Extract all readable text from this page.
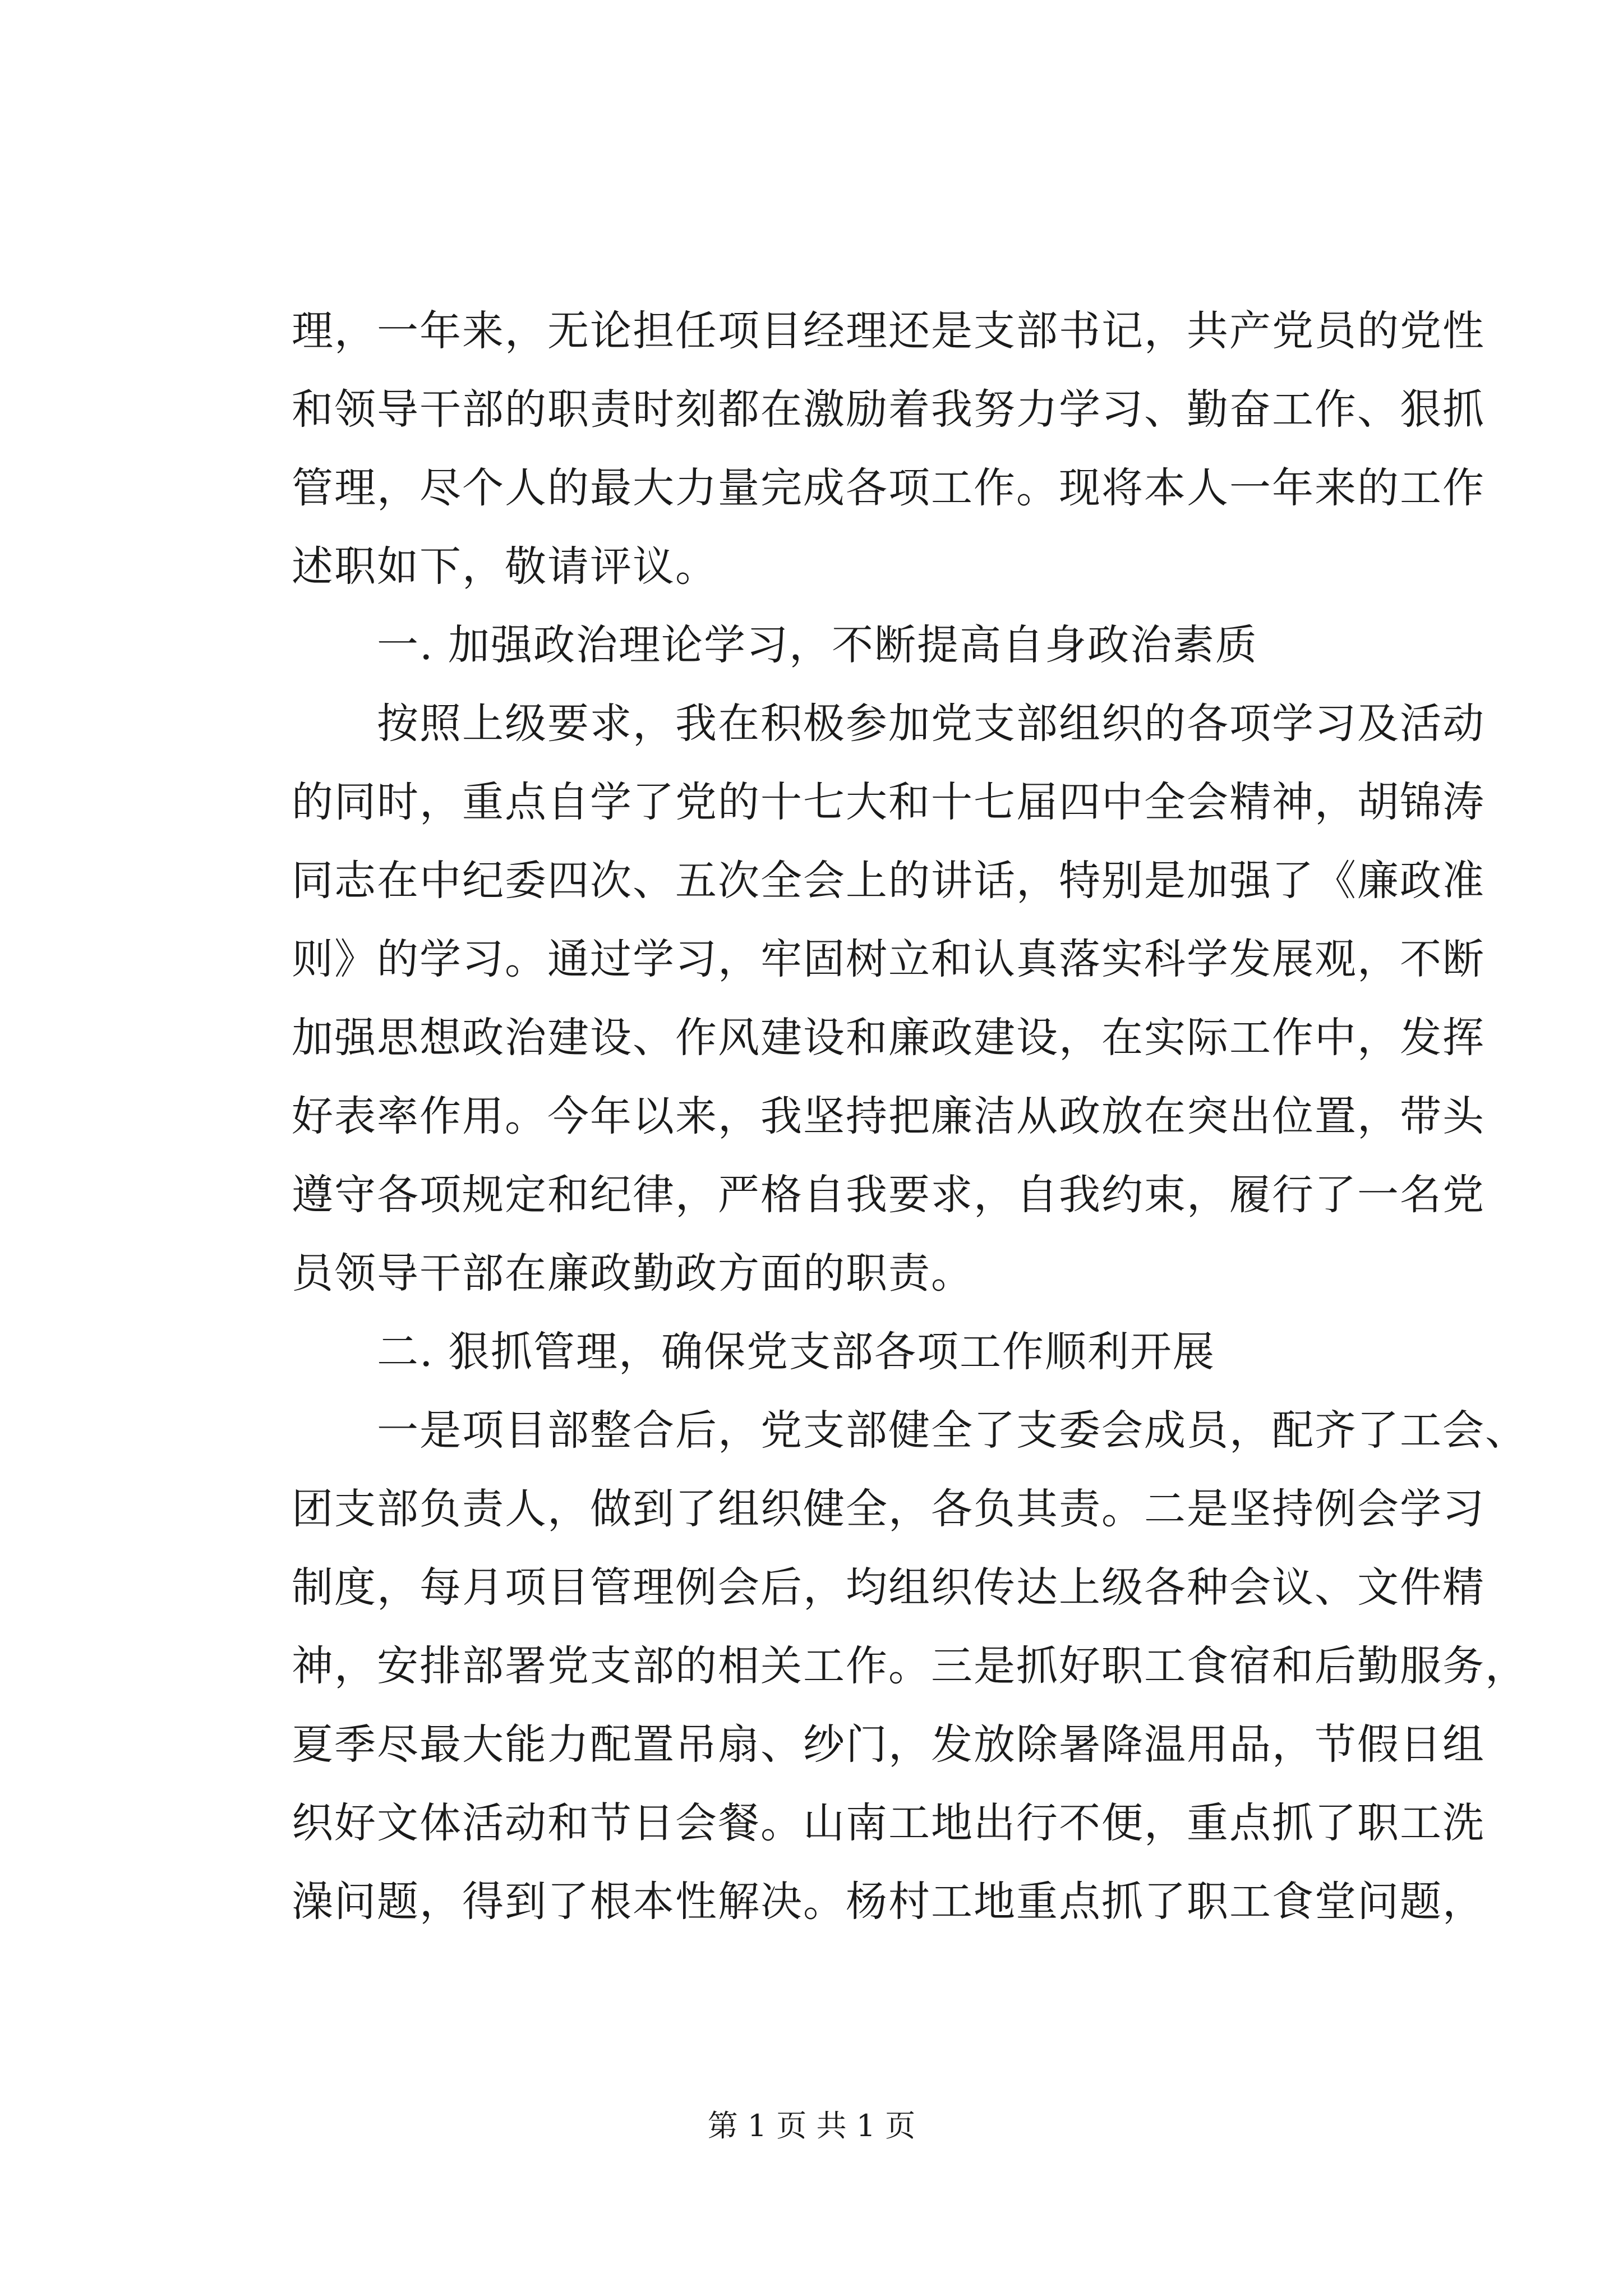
理，一年来，无论担任项目经理还是支部书记，共产党员的党性
和领导干部的职责时刻都在激励着我努力学习、勤奋工作、狠抓
管理，尽个人的最大力量完成各项工作。现将本人一年来的工作
述职如下，敬请评议。
　　一. 加强政治理论学习，不断提高自身政治素质
　　按照上级要求，我在积极参加党支部组织的各项学习及活动
的同时，重点自学了党的十七大和十七届四中全会精神，胡锦涛
同志在中纪委四次、五次全会上的讲话，特别是加强了《廉政准
则》的学习。通过学习，牢固树立和认真落实科学发展观，不断
加强思想政治建设、作风建设和廉政建设，在实际工作中，发挥
好表率作用。今年以来，我坚持把廉洁从政放在突出位置，带头
遵守各项规定和纪律，严格自我要求，自我约束，履行了一名党
员领导干部在廉政勤政方面的职责。
　　二. 狠抓管理，确保党支部各项工作顺利开展
　　一是项目部整合后，党支部健全了支委会成员，配齐了工会、
团支部负责人，做到了组织健全，各负其责。二是坚持例会学习
制度，每月项目管理例会后，均组织传达上级各种会议、文件精
神，安排部署党支部的相关工作。三是抓好职工食宿和后勤服务，
夏季尽最大能力配置吊扇、纱门，发放除暑降温用品，节假日组
织好文体活动和节日会餐。山南工地出行不便，重点抓了职工洗
澡问题，得到了根本性解决。杨村工地重点抓了职工食堂问题，
第 1 页 共 1 页
